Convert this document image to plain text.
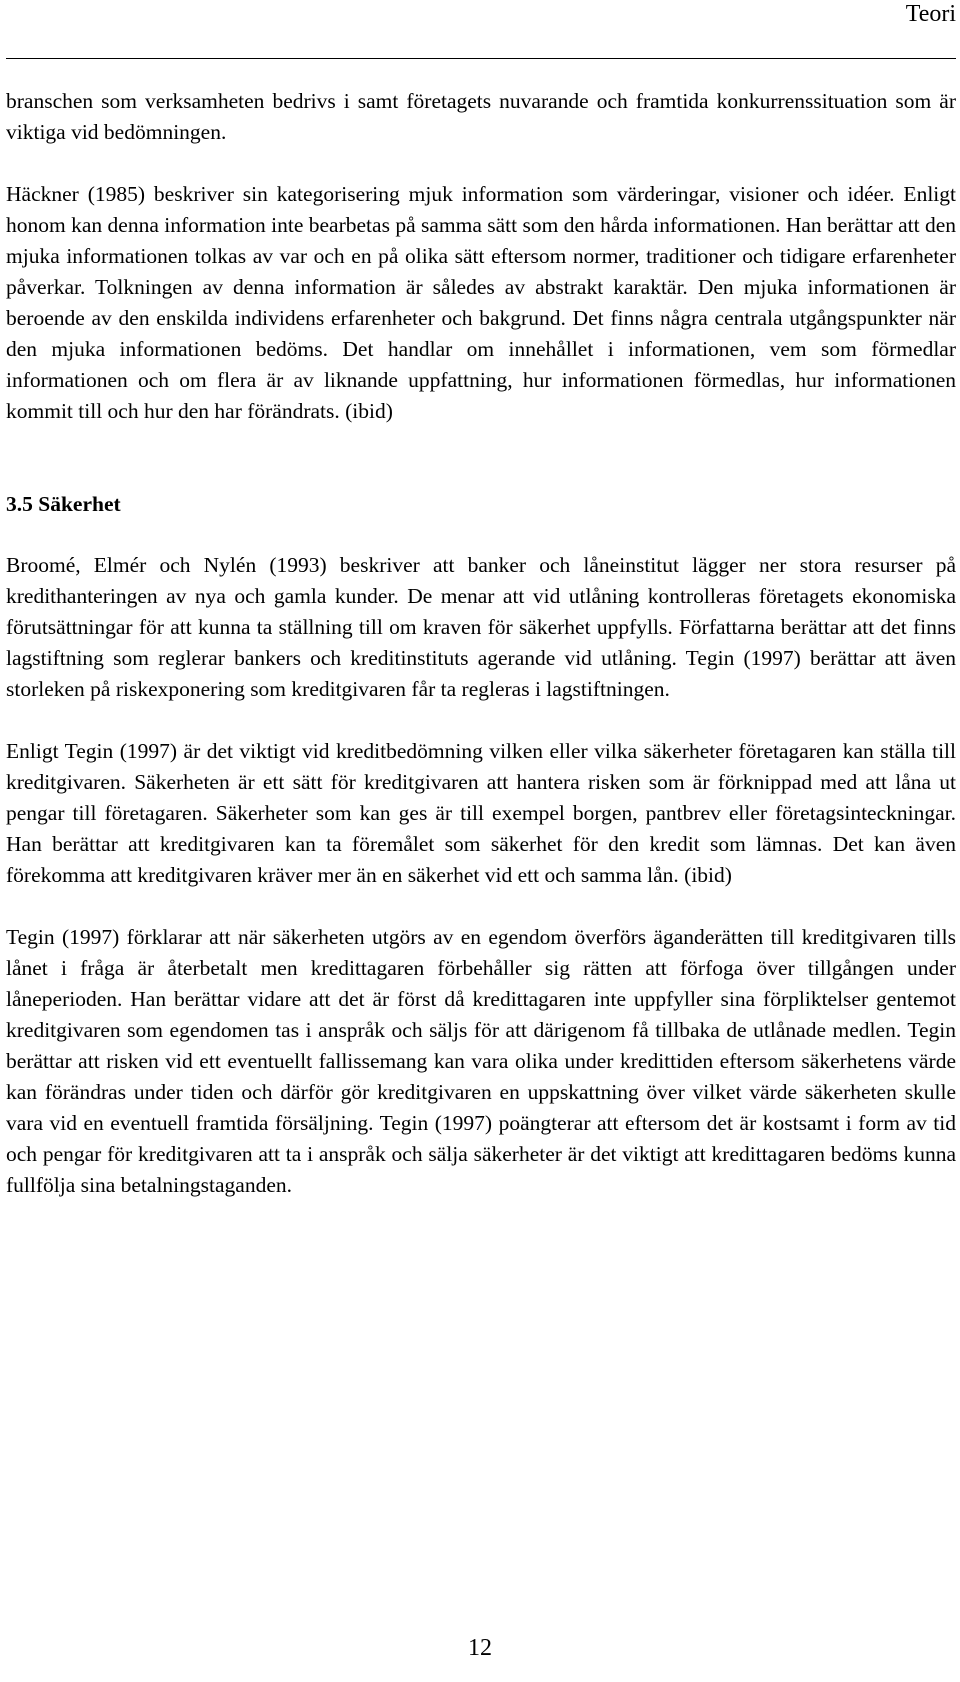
Teori

branschen som verksamheten bedrivs i samt företagets nuvarande och framtida konkurrenssituation som är viktiga vid bedömningen.

Häckner (1985) beskriver sin kategorisering mjuk information som värderingar, visioner och idéer. Enligt honom kan denna information inte bearbetas på samma sätt som den hårda informationen. Han berättar att den mjuka informationen tolkas av var och en på olika sätt eftersom normer, traditioner och tidigare erfarenheter påverkar. Tolkningen av denna information är således av abstrakt karaktär. Den mjuka informationen är beroende av den enskilda individens erfarenheter och bakgrund. Det finns några centrala utgångspunkter när den mjuka informationen bedöms. Det handlar om innehållet i informationen, vem som förmedlar informationen och om flera är av liknande uppfattning, hur informationen förmedlas, hur informationen kommit till och hur den har förändrats. (ibid)

3.5 Säkerhet

Broomé, Elmér och Nylén (1993) beskriver att banker och låneinstitut lägger ner stora resurser på kredithanteringen av nya och gamla kunder. De menar att vid utlåning kontrolleras företagets ekonomiska förutsättningar för att kunna ta ställning till om kraven för säkerhet uppfylls. Författarna berättar att det finns lagstiftning som reglerar bankers och kreditinstituts agerande vid utlåning. Tegin (1997) berättar att även storleken på riskexponering som kreditgivaren får ta regleras i lagstiftningen.

Enligt Tegin (1997) är det viktigt vid kreditbedömning vilken eller vilka säkerheter företagaren kan ställa till kreditgivaren. Säkerheten är ett sätt för kreditgivaren att hantera risken som är förknippad med att låna ut pengar till företagaren. Säkerheter som kan ges är till exempel borgen, pantbrev eller företagsinteckningar. Han berättar att kreditgivaren kan ta föremålet som säkerhet för den kredit som lämnas. Det kan även förekomma att kreditgivaren kräver mer än en säkerhet vid ett och samma lån. (ibid)

Tegin (1997) förklarar att när säkerheten utgörs av en egendom överförs äganderätten till kreditgivaren tills lånet i fråga är återbetalt men kredittagaren förbehåller sig rätten att förfoga över tillgången under låneperioden. Han berättar vidare att det är först då kredittagaren inte uppfyller sina förpliktelser gentemot kreditgivaren som egendomen tas i anspråk och säljs för att därigenom få tillbaka de utlånade medlen. Tegin berättar att risken vid ett eventuellt fallissemang kan vara olika under kredittiden eftersom säkerhetens värde kan förändras under tiden och därför gör kreditgivaren en uppskattning över vilket värde säkerheten skulle vara vid en eventuell framtida försäljning. Tegin (1997) poängterar att eftersom det är kostsamt i form av tid och pengar för kreditgivaren att ta i anspråk och sälja säkerheter är det viktigt att kredittagaren bedöms kunna fullfölja sina betalningstaganden.

12
